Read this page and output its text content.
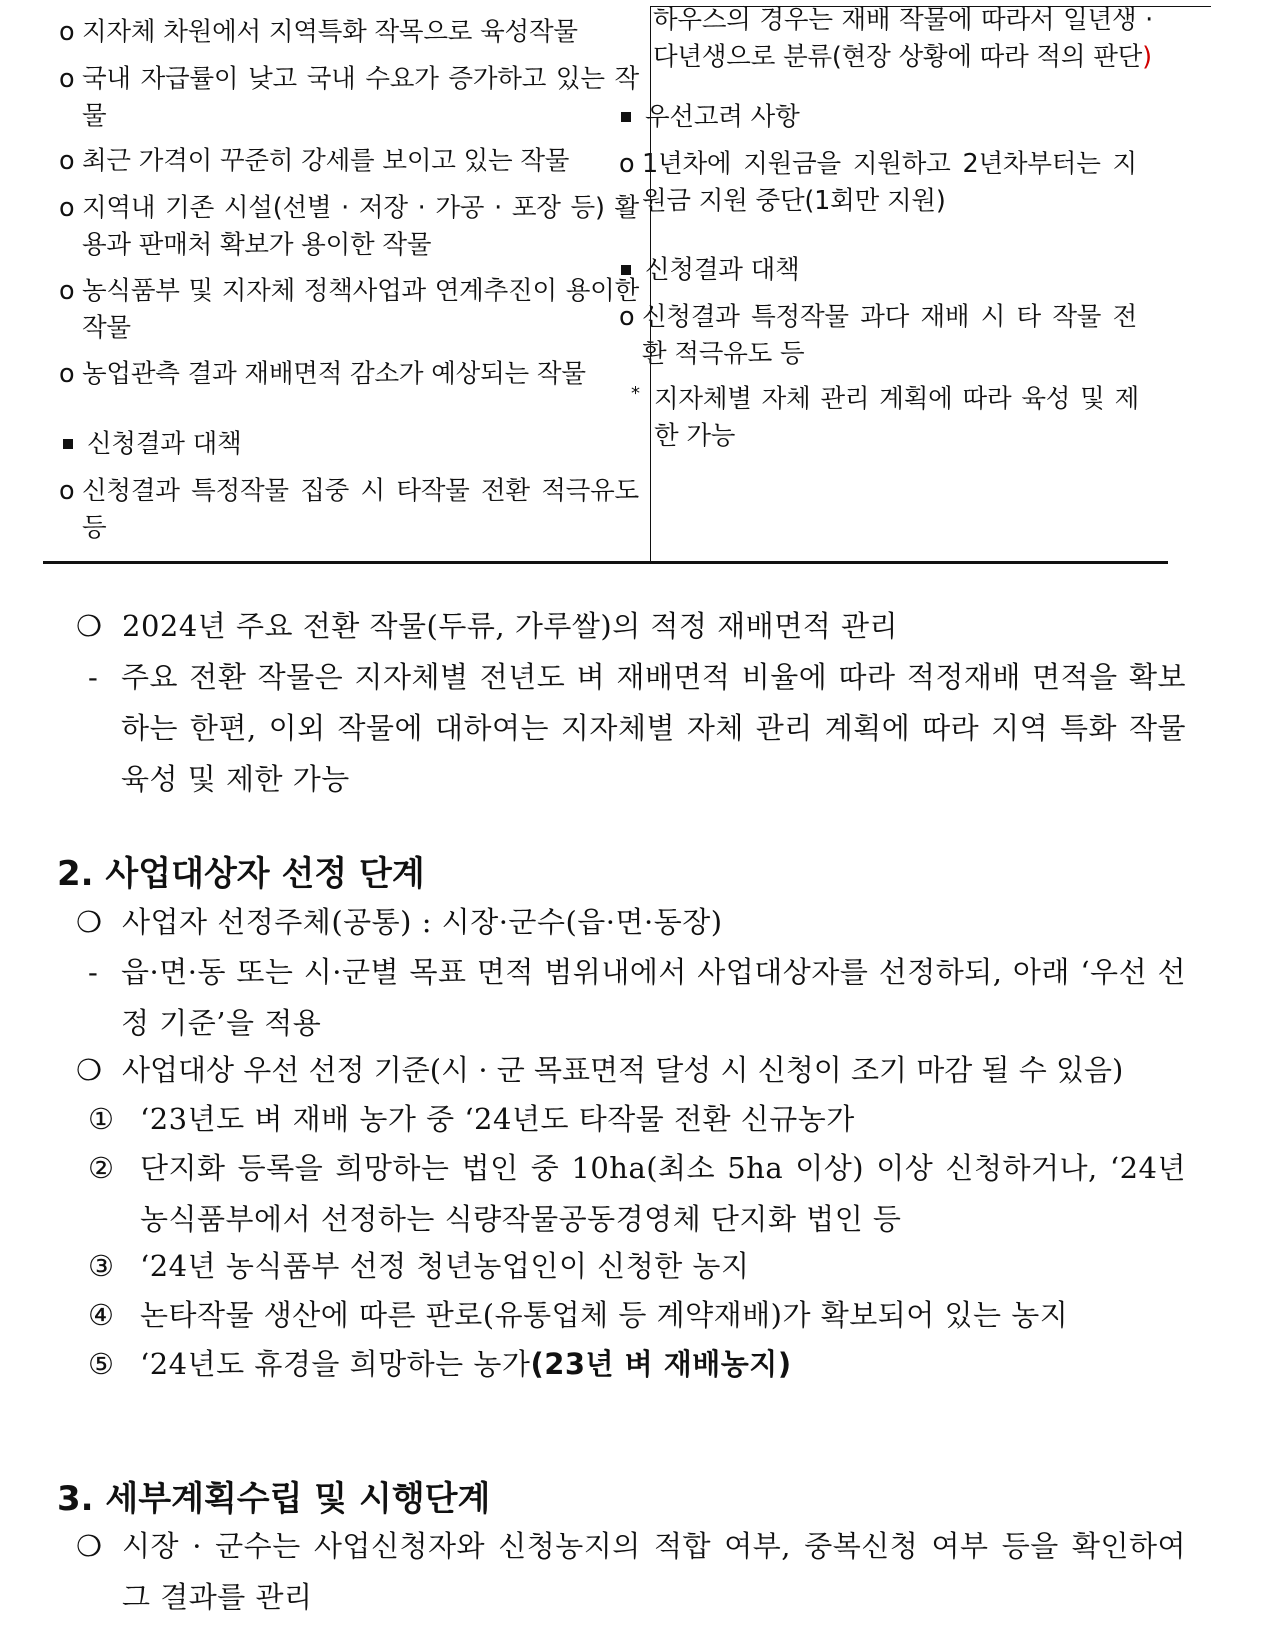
o 지자체 차원에서 지역특화 작목으로 육성작물
o 국내 자급률이 낮고 국내 수요가 증가하고 있는 작물
o 최근 가격이 꾸준히 강세를 보이고 있는 작물
o 지역내 기존 시설(선별 · 저장 · 가공 · 포장 등) 활용과 판매처 확보가 용이한 작물
o 농식품부 및 지자체 정책사업과 연계추진이 용이한 작물
o 농업관측 결과 재배면적 감소가 예상되는 작물
신청결과 대책
o 신청결과 특정작물 집중 시 타작물 전환 적극유도 등
하우스의 경우는 재배 작물에 따라서 일년생 · 다년생으로 분류(현장 상황에 따라 적의 판단)
우선고려 사항
o 1년차에 지원금을 지원하고 2년차부터는 지원금 지원 중단(1회만 지원)
신청결과 대책
o 신청결과 특정작물 과다 재배 시 타 작물 전환 적극유도 등
* 지자체별 자체 관리 계획에 따라 육성 및 제한 가능
❍ 2024년 주요 전환 작물(두류, 가루쌀)의 적정 재배면적 관리
- 주요 전환 작물은 지자체별 전년도 벼 재배면적 비율에 따라 적정재배 면적을 확보하는 한편, 이외 작물에 대하여는 지자체별 자체 관리 계획에 따라 지역 특화 작물 육성 및 제한 가능
2. 사업대상자 선정 단계
❍ 사업자 선정주체(공통) : 시장·군수(읍·면·동장)
- 읍·면·동 또는 시·군별 목표 면적 범위내에서 사업대상자를 선정하되, 아래 ‘우선 선정 기준’을 적용
❍ 사업대상 우선 선정 기준(시 · 군 목표면적 달성 시 신청이 조기 마감 될 수 있음)
① ‘23년도 벼 재배 농가 중 ‘24년도 타작물 전환 신규농가
② 단지화 등록을 희망하는 법인 중 10ha(최소 5ha 이상) 이상 신청하거나, ‘24년 농식품부에서 선정하는 식량작물공동경영체 단지화 법인 등
③ ‘24년 농식품부 선정 청년농업인이 신청한 농지
④ 논타작물 생산에 따른 판로(유통업체 등 계약재배)가 확보되어 있는 농지
⑤ ‘24년도 휴경을 희망하는 농가(23년 벼 재배농지)
3. 세부계획수립 및 시행단계
❍ 시장 · 군수는 사업신청자와 신청농지의 적합 여부, 중복신청 여부 등을 확인하여 그 결과를 관리
